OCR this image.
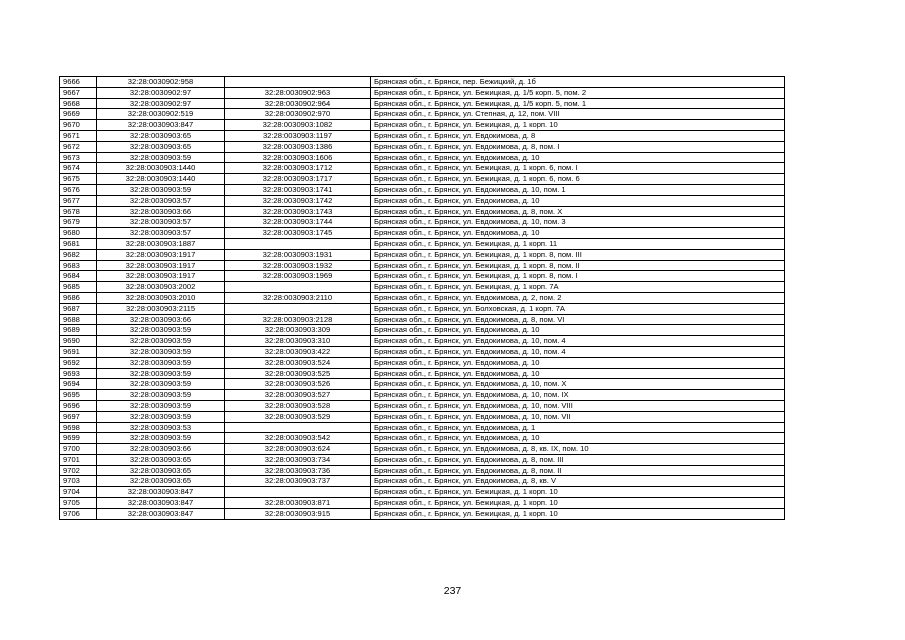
9666	32:28:0030902:958		Брянская обл., г. Брянск, пер. Бежицкий, д. 1б
9667	32:28:0030902:97	32:28:0030902:963	Брянская обл., г. Брянск, ул. Бежицкая, д. 1/5 корп. 5, пом. 2
9668	32:28:0030902:97	32:28:0030902:964	Брянская обл., г. Брянск, ул. Бежицкая, д. 1/5 корп. 5, пом. 1
9669	32:28:0030902:519	32:28:0030902:970	Брянская обл., г. Брянск, ул. Степная, д. 12, пом. VIII
9670	32:28:0030903:847	32:28:0030903:1082	Брянская обл., г. Брянск, ул. Бежицкая, д. 1 корп. 10
9671	32:28:0030903:65	32:28:0030903:1197	Брянская обл., г. Брянск, ул. Евдокимова, д. 8
9672	32:28:0030903:65	32:28:0030903:1386	Брянская обл., г. Брянск, ул. Евдокимова, д. 8, пом. I
9673	32:28:0030903:59	32:28:0030903:1606	Брянская обл., г. Брянск, ул. Евдокимова, д. 10
9674	32:28:0030903:1440	32:28:0030903:1712	Брянская обл., г. Брянск, ул. Бежицкая, д. 1 корп. 6, пом. I
9675	32:28:0030903:1440	32:28:0030903:1717	Брянская обл., г. Брянск, ул. Бежицкая, д. 1 корп. 6, пом. 6
9676	32:28:0030903:59	32:28:0030903:1741	Брянская обл., г. Брянск, ул. Евдокимова, д. 10, пом. 1
9677	32:28:0030903:57	32:28:0030903:1742	Брянская обл., г. Брянск, ул. Евдокимова, д. 10
9678	32:28:0030903:66	32:28:0030903:1743	Брянская обл., г. Брянск, ул. Евдокимова, д. 8, пом. X
9679	32:28:0030903:57	32:28:0030903:1744	Брянская обл., г. Брянск, ул. Евдокимова, д. 10, пом. 3
9680	32:28:0030903:57	32:28:0030903:1745	Брянская обл., г. Брянск, ул. Евдокимова, д. 10
9681	32:28:0030903:1887		Брянская обл., г. Брянск, ул. Бежицкая, д. 1 корп. 11
9682	32:28:0030903:1917	32:28:0030903:1931	Брянская обл., г. Брянск, ул. Бежицкая, д. 1 корп. 8, пом. III
9683	32:28:0030903:1917	32:28:0030903:1932	Брянская обл., г. Брянск, ул. Бежицкая, д. 1 корп. 8, пом. II
9684	32:28:0030903:1917	32:28:0030903:1969	Брянская обл., г. Брянск, ул. Бежицкая, д. 1 корп. 8, пом. I
9685	32:28:0030903:2002		Брянская обл., г. Брянск, ул. Бежицкая, д. 1 корп. 7А
9686	32:28:0030903:2010	32:28:0030903:2110	Брянская обл., г. Брянск, ул. Евдокимова, д. 2, пом. 2
9687	32:28:0030903:2115		Брянская обл., г. Брянск, ул. Болховская, д. 1 корп. 7А
9688	32:28:0030903:66	32:28:0030903:2128	Брянская обл., г. Брянск, ул. Евдокимова, д. 8, пом. VI
9689	32:28:0030903:59	32:28:0030903:309	Брянская обл., г. Брянск, ул. Евдокимова, д. 10
9690	32:28:0030903:59	32:28:0030903:310	Брянская обл., г. Брянск, ул. Евдокимова, д. 10, пом. 4
9691	32:28:0030903:59	32:28:0030903:422	Брянская обл., г. Брянск, ул. Евдокимова, д. 10, пом. 4
9692	32:28:0030903:59	32:28:0030903:524	Брянская обл., г. Брянск, ул. Евдокимова, д. 10
9693	32:28:0030903:59	32:28:0030903:525	Брянская обл., г. Брянск, ул. Евдокимова, д. 10
9694	32:28:0030903:59	32:28:0030903:526	Брянская обл., г. Брянск, ул. Евдокимова, д. 10, пом. X
9695	32:28:0030903:59	32:28:0030903:527	Брянская обл., г. Брянск, ул. Евдокимова, д. 10, пом. IX
9696	32:28:0030903:59	32:28:0030903:528	Брянская обл., г. Брянск, ул. Евдокимова, д. 10, пом. VIII
9697	32:28:0030903:59	32:28:0030903:529	Брянская обл., г. Брянск, ул. Евдокимова, д. 10, пом. VII
9698	32:28:0030903:53		Брянская обл., г. Брянск, ул. Евдокимова, д. 1
9699	32:28:0030903:59	32:28:0030903:542	Брянская обл., г. Брянск, ул. Евдокимова, д. 10
9700	32:28:0030903:66	32:28:0030903:624	Брянская обл., г. Брянск, ул. Евдокимова, д. 8, кв. IX, пом. 10
9701	32:28:0030903:65	32:28:0030903:734	Брянская обл., г. Брянск, ул. Евдокимова, д. 8, пом. III
9702	32:28:0030903:65	32:28:0030903:736	Брянская обл., г. Брянск, ул. Евдокимова, д. 8, пом. II
9703	32:28:0030903:65	32:28:0030903:737	Брянская обл., г. Брянск, ул. Евдокимова, д. 8, кв. V
9704	32:28:0030903:847		Брянская обл., г. Брянск, ул. Бежицкая, д. 1 корп. 10
9705	32:28:0030903:847	32:28:0030903:871	Брянская обл., г. Брянск, ул. Бежицкая, д. 1 корп. 10
9706	32:28:0030903:847	32:28:0030903:915	Брянская обл., г. Брянск, ул. Бежицкая, д. 1 корп. 10
237
